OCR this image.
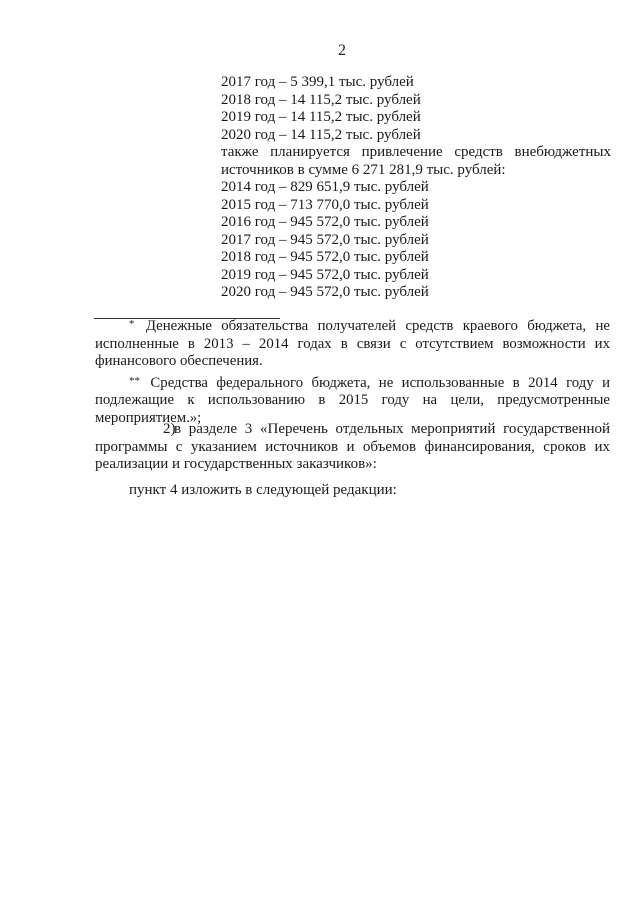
2
2017 год – 5 399,1 тыс. рублей
2018 год – 14 115,2 тыс. рублей
2019 год – 14 115,2 тыс. рублей
2020 год – 14 115,2 тыс. рублей
также планируется привлечение средств внебюджетных
источников в сумме 6 271 281,9 тыс. рублей:
2014 год – 829 651,9 тыс. рублей
2015 год – 713 770,0 тыс. рублей
2016 год – 945 572,0 тыс. рублей
2017 год – 945 572,0 тыс. рублей
2018 год – 945 572,0 тыс. рублей
2019 год – 945 572,0 тыс. рублей
2020 год – 945 572,0 тыс. рублей

* Денежные обязательства получателей средств краевого бюджета, не исполненные в 2013 – 2014 годах в связи с отсутствием возможности их финансового обеспечения.

** Средства федерального бюджета, не использованные в 2014 году и подлежащие к использованию в 2015 году на цели, предусмотренные мероприятием.»;

2)в разделе 3 «Перечень отдельных мероприятий государственной программы с указанием источников и объемов финансирования, сроков их реализации и государственных заказчиков»:

пункт 4 изложить в следующей редакции:
